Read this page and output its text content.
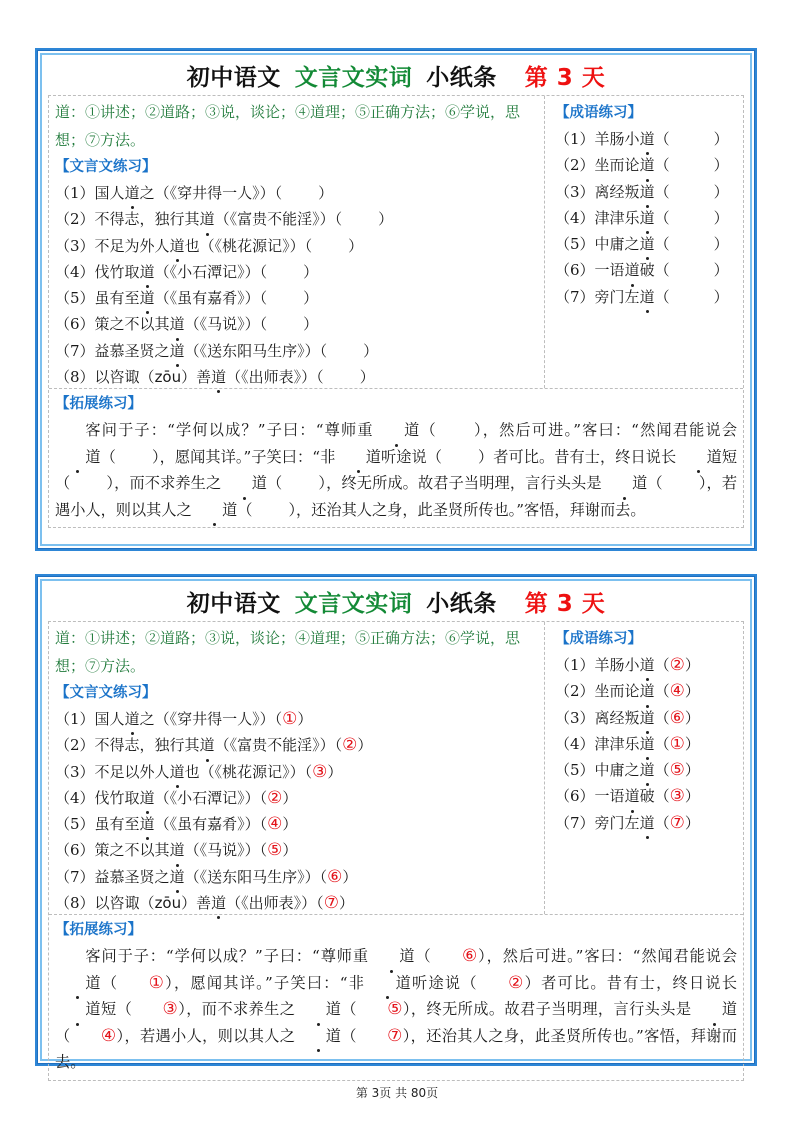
初中语文 文言文实词 小纸条 第 3 天
道：①讲述；②道路；③说，谈论；④道理；⑤正确方法；⑥学说，思想；⑦方法。
【文言文练习】
（1）国人道之（《穿井得一人》）（ ）
（2）不得志，独行其道（《富贵不能淫》）（ ）
（3）不足为外人道也（《桃花源记》）（ ）
（4）伐竹取道（《小石潭记》）（ ）
（5）虽有至道（《虽有嘉肴》）（ ）
（6）策之不以其道（《马说》）（ ）
（7）益慕圣贤之道（《送东阳马生序》）（ ）
（8）以咨诹（zōu）善道（《出师表》）（ ）
【成语练习】
（1）羊肠小道（	）
（2）坐而论道（	）
（3）离经叛道（	）
（4）津津乐道（	）
（5）中庸之道（	）
（6）一语道破（	）
（7）旁门左道（	）
【拓展练习】
客问于子：“学何以成？”子曰：“尊师重 道（ ），然后可进。”客曰：“然闻君能说会道（ ），愿闻其详。”子笑曰：“非 道听途说（ ）者可比。昔有士，终日说长 道短（ ），而不求养生之 道（ ），终无所成。故君子当明理，言行头头是 道（ ），若遇小人，则以其人之 道（ ），还治其人之身，此圣贤所传也。”客悟，拜谢而去。
初中语文 文言文实词 小纸条 第 3 天
道：①讲述；②道路；③说，谈论；④道理；⑤正确方法；⑥学说，思想；⑦方法。
【文言文练习】
（1）国人道之（《穿井得一人》）（①）
（2）不得志，独行其道（《富贵不能淫》）（②）
（3）不足以外人道也（《桃花源记》）（③）
（4）伐竹取道（《小石潭记》）（②）
（5）虽有至道（《虽有嘉肴》）（④）
（6）策之不以其道（《马说》）（⑤）
（7）益慕圣贤之道（《送东阳马生序》）（⑥）
（8）以咨诹（zōu）善道（《出师表》）（⑦）
【成语练习】
（1）羊肠小道（②）
（2）坐而论道（④）
（3）离经叛道（⑥）
（4）津津乐道（①）
（5）中庸之道（⑤）
（6）一语道破（③）
（7）旁门左道（⑦）
【拓展练习】
客问于子：“学何以成？”子曰：“尊师重 道（ ⑥），然后可进。”客曰：“然闻君能说会道（ ①），愿闻其详。”子笑曰：“非 道听途说（ ②）者可比。昔有士，终日说长道短（ ③），而不求养生之 道（ ⑤），终无所成。故君子当明理，言行头头是 道（ ④），若遇小人，则以其人之 道（ ⑦），还治其人之身，此圣贤所传也。”客悟，拜谢而去。
第 3页 共 80页
